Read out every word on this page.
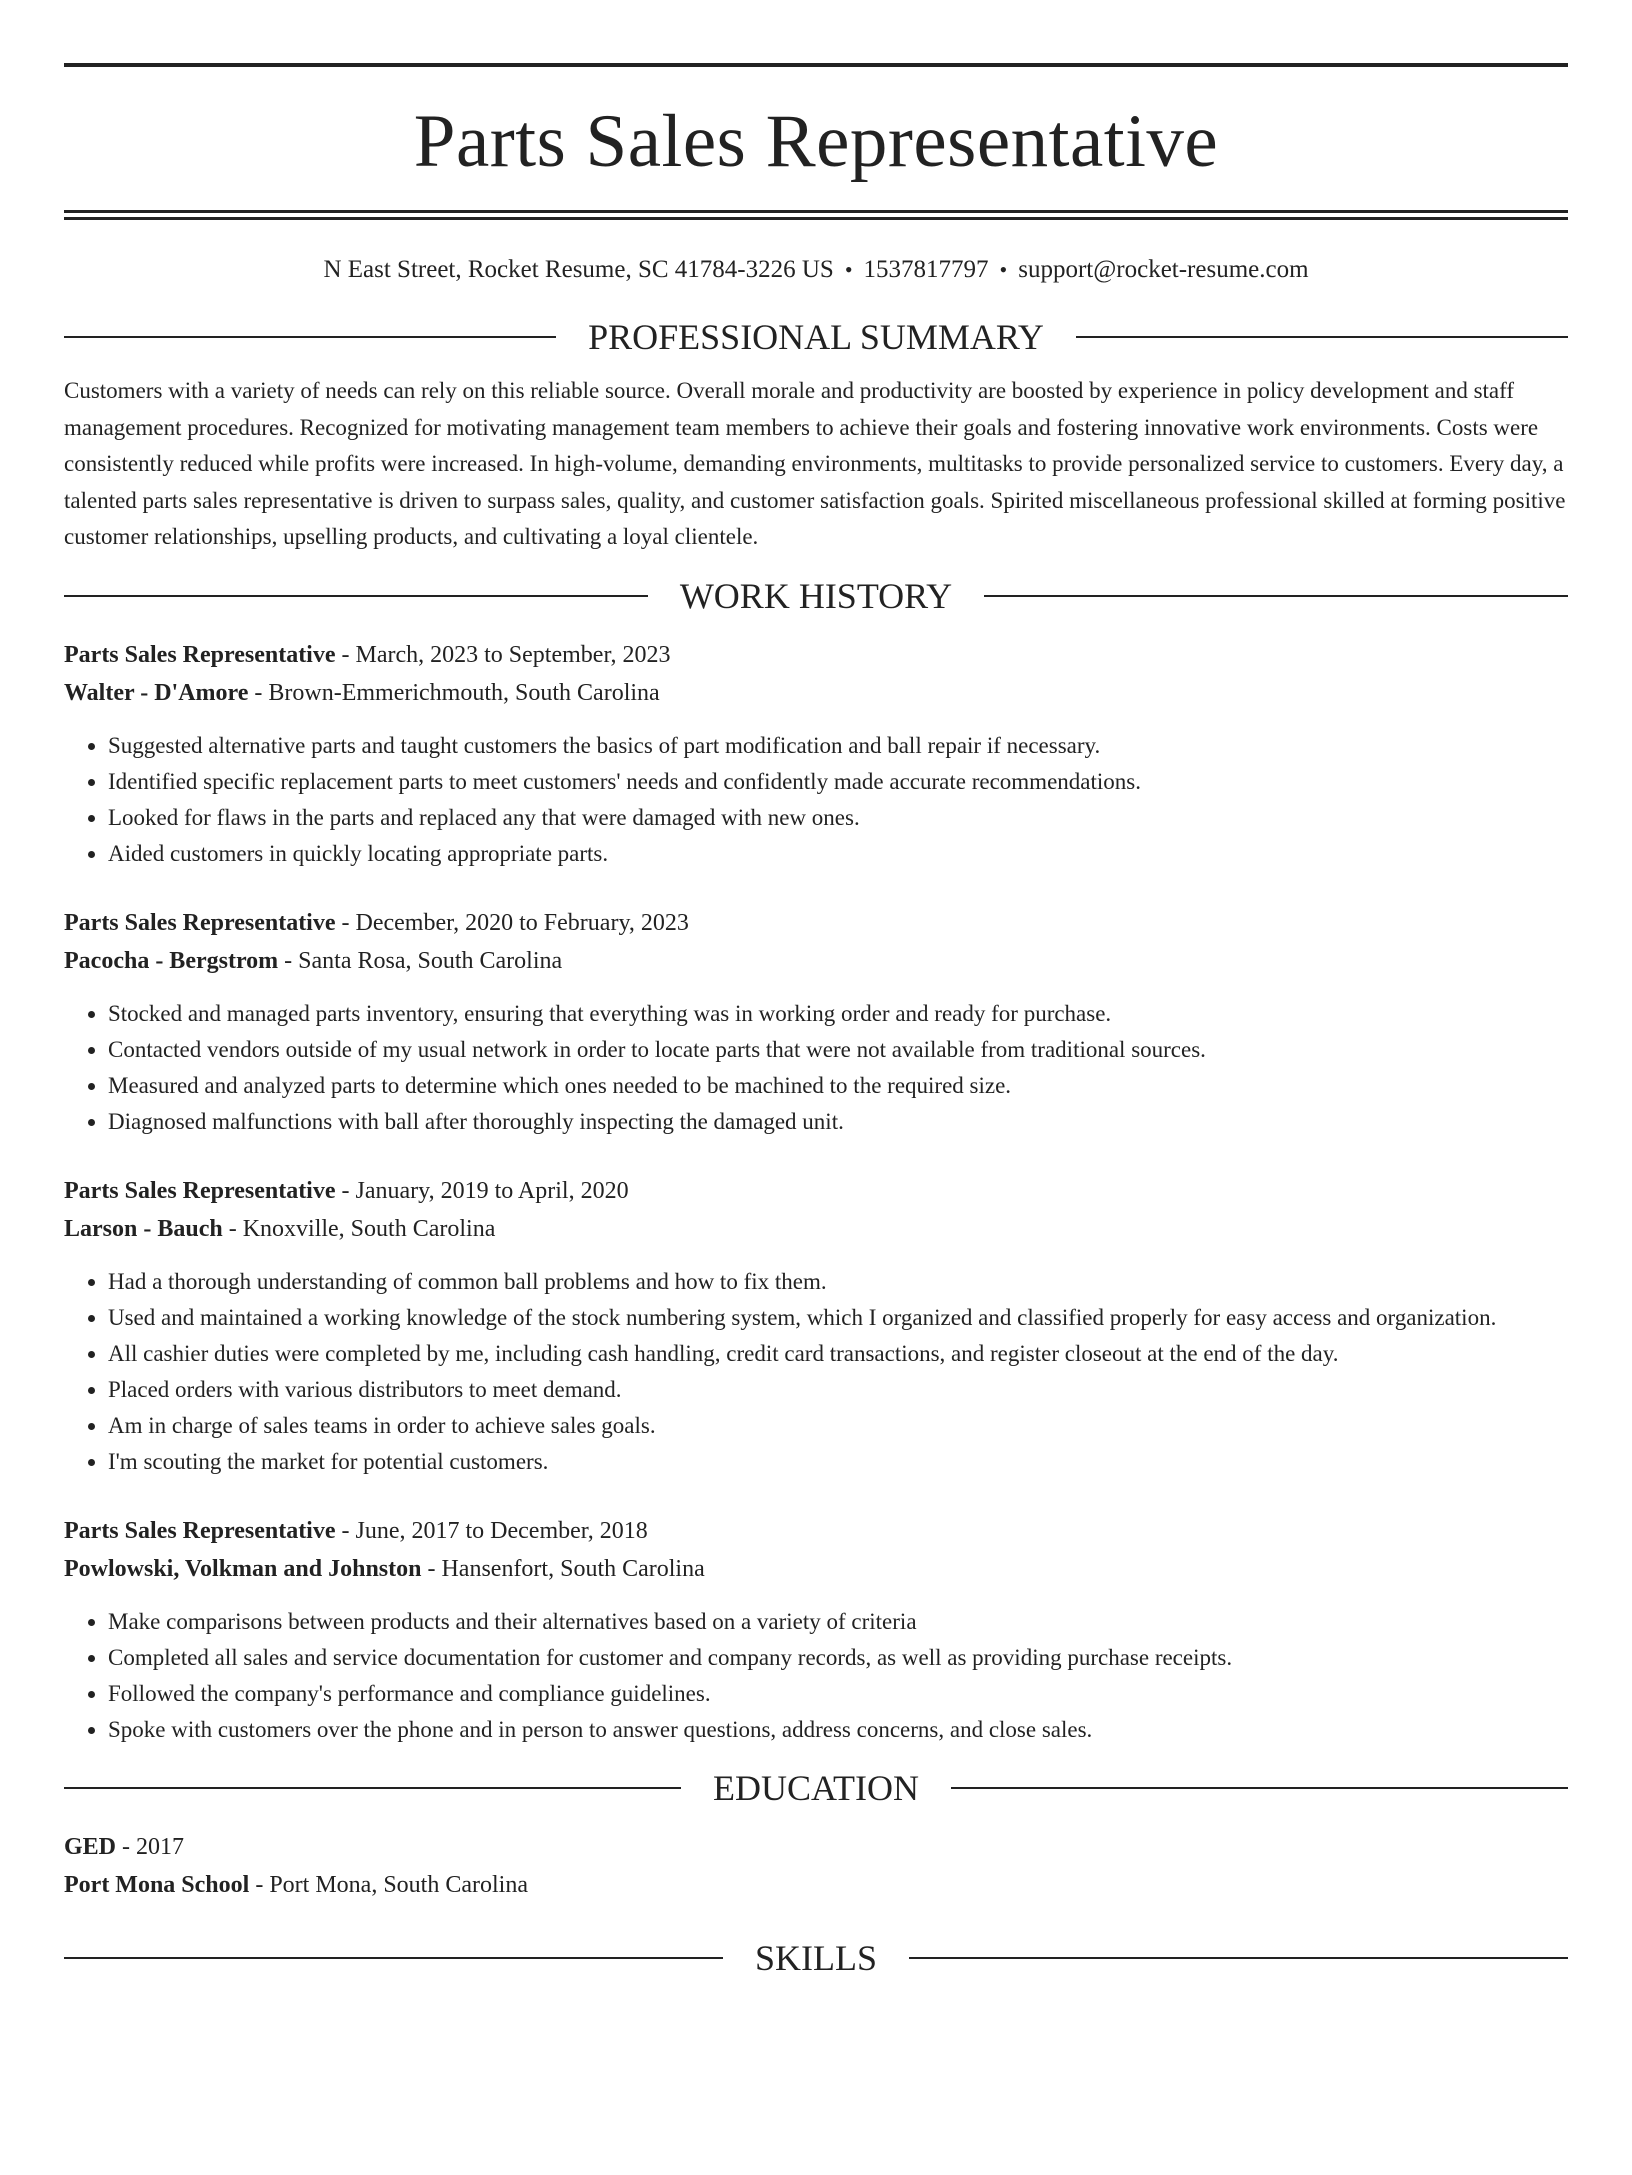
Parts Sales Representative
N East Street, Rocket Resume, SC 41784-3226 US • 1537817797 • support@rocket-resume.com
PROFESSIONAL SUMMARY

Customers with a variety of needs can rely on this reliable source. Overall morale and productivity are boosted by experience in policy development and staff management procedures. Recognized for motivating management team members to achieve their goals and fostering innovative work environments. Costs were consistently reduced while profits were increased. In high-volume, demanding environments, multitasks to provide personalized service to customers. Every day, a talented parts sales representative is driven to surpass sales, quality, and customer satisfaction goals. Spirited miscellaneous professional skilled at forming positive customer relationships, upselling products, and cultivating a loyal clientele.

WORK HISTORY
Parts Sales Representative - March, 2023 to September, 2023
Walter - D'Amore - Brown-Emmerichmouth, South Carolina
• Suggested alternative parts and taught customers the basics of part modification and ball repair if necessary.
• Identified specific replacement parts to meet customers' needs and confidently made accurate recommendations.
• Looked for flaws in the parts and replaced any that were damaged with new ones.
• Aided customers in quickly locating appropriate parts.
Parts Sales Representative - December, 2020 to February, 2023
Pacocha - Bergstrom - Santa Rosa, South Carolina
• Stocked and managed parts inventory, ensuring that everything was in working order and ready for purchase.
• Contacted vendors outside of my usual network in order to locate parts that were not available from traditional sources.
• Measured and analyzed parts to determine which ones needed to be machined to the required size.
• Diagnosed malfunctions with ball after thoroughly inspecting the damaged unit.
Parts Sales Representative - January, 2019 to April, 2020
Larson - Bauch - Knoxville, South Carolina
• Had a thorough understanding of common ball problems and how to fix them.
• Used and maintained a working knowledge of the stock numbering system, which I organized and classified properly for easy access and organization.
• All cashier duties were completed by me, including cash handling, credit card transactions, and register closeout at the end of the day.
• Placed orders with various distributors to meet demand.
• Am in charge of sales teams in order to achieve sales goals.
• I'm scouting the market for potential customers.
Parts Sales Representative - June, 2017 to December, 2018
Powlowski, Volkman and Johnston - Hansenfort, South Carolina
• Make comparisons between products and their alternatives based on a variety of criteria
• Completed all sales and service documentation for customer and company records, as well as providing purchase receipts.
• Followed the company's performance and compliance guidelines.
• Spoke with customers over the phone and in person to answer questions, address concerns, and close sales.
EDUCATION
GED - 2017
Port Mona School - Port Mona, South Carolina
SKILLS
